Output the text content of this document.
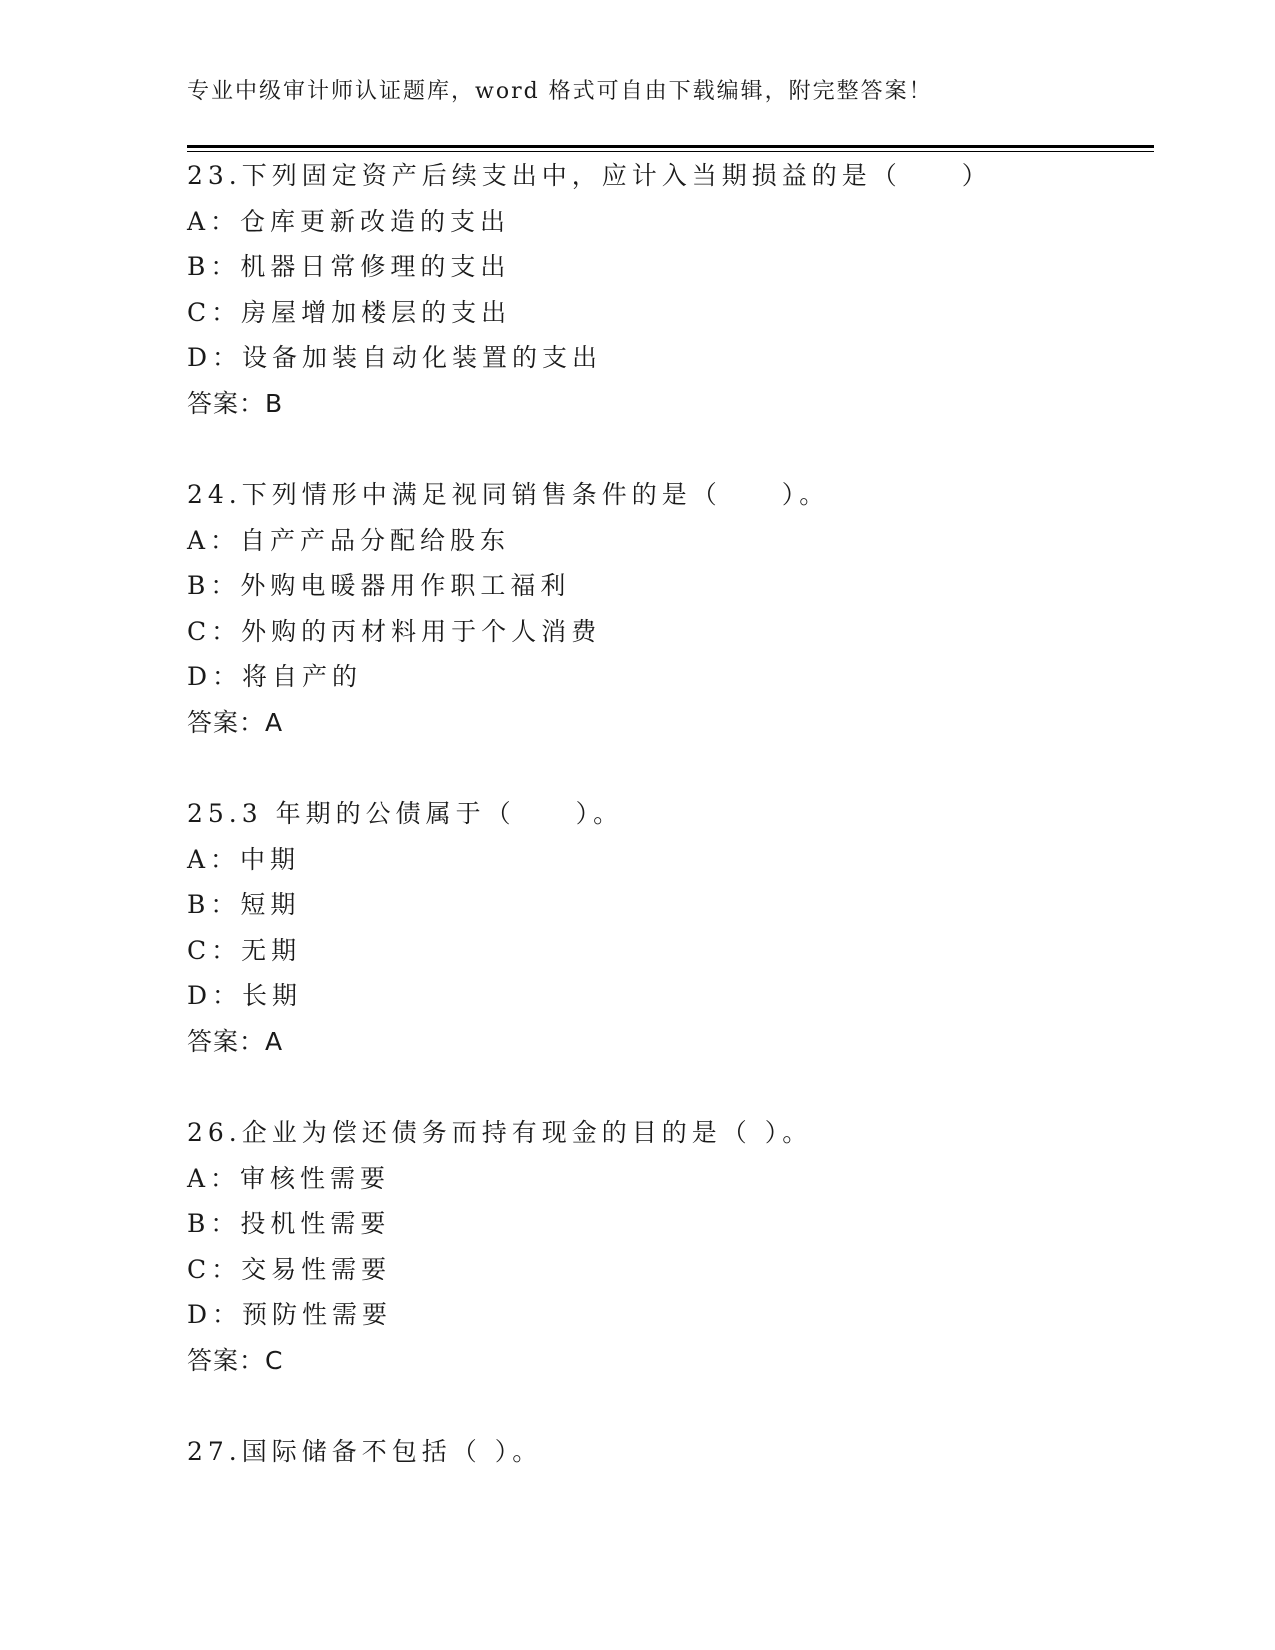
专业中级审计师认证题库，word 格式可自由下载编辑，附完整答案！
23.下列固定资产后续支出中，应计入当期损益的是（　　）
A：仓库更新改造的支出
B：机器日常修理的支出
C：房屋增加楼层的支出
D：设备加装自动化装置的支出
答案：B
24.下列情形中满足视同销售条件的是（　　）。
A：自产产品分配给股东
B：外购电暖器用作职工福利
C：外购的丙材料用于个人消费
D：将自产的
答案：A
25.3 年期的公债属于（　　）。
A：中期
B：短期
C：无期
D：长期
答案：A
26.企业为偿还债务而持有现金的目的是（ ）。
A：审核性需要
B：投机性需要
C：交易性需要
D：预防性需要
答案：C
27.国际储备不包括（ ）。
